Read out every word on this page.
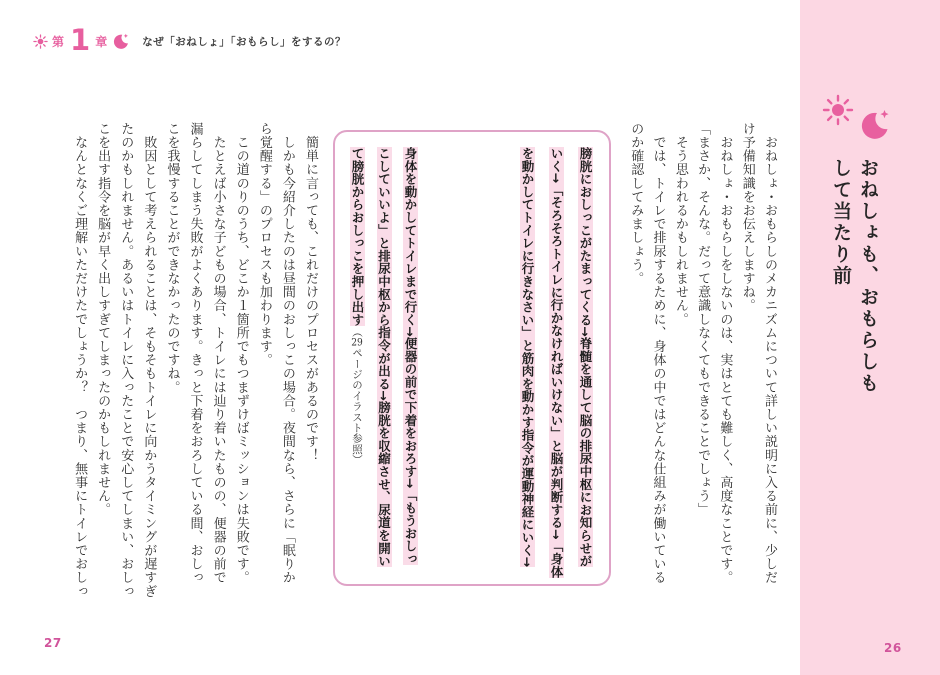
第 1 章	なぜ「おねしょ」「おもらし」をするの？

　簡単に言っても、これだけのプロセスがあるのです！

　しかも今紹介したのは昼間のおしっこの場合。夜間なら、さらに「眠りか

ら覚醒する」のプロセスも加わります。

　この道のりのうち、どこか１箇所でもつまずけばミッションは失敗です。

　たとえば小さな子どもの場合、トイレには辿り着いたものの、便器の前で

漏らしてしまう失敗がよくあります。きっと下着をおろしている間、おしっ

こを我慢することができなかったのですね。

　敗因として考えられることは、そもそもトイレに向かうタイミングが遅すぎ

たのかもしれません。あるいはトイレに入ったことで安心してしまい、おしっ

こを出す指令を脳が早く出しすぎてしまったのかもしれません。

　なんとなくご理解いただけたでしょうか？　つまり、無事にトイレでおしっ	膀胱におしっこがたまってくる→脊髄を通して脳の排尿中枢にお知らせが

いく→「そろそろトイレに行かなければいけない」と脳が判断する→「身体

を動かしてトイレに行きなさい」と筋肉を動かす指令が運動神経にいく→

身体を動かしてトイレまで行く→便器の前で下着をおろす→「もうおしっ

こしていいよ」と排尿中枢から指令が出る→膀胱を収縮させ、尿道を開い

て膀胱からおしっこを押し出す（29ページのイラスト参照）	　おねしょ・おもらしのメカニズムについて詳しい説明に入る前に、少しだ

け予備知識をお伝えしますね。

　おねしょ・おもらしをしないのは、実はとても難しく、高度なことです。

「まさか、そんな。だって意識しなくてもできることでしょう」

　そう思われるかもしれません。

　では、トイレで排尿するために、身体の中ではどんな仕組みが働いている

のか確認してみましょう。	おねしょも、おもらしも

して当たり前

26
27
